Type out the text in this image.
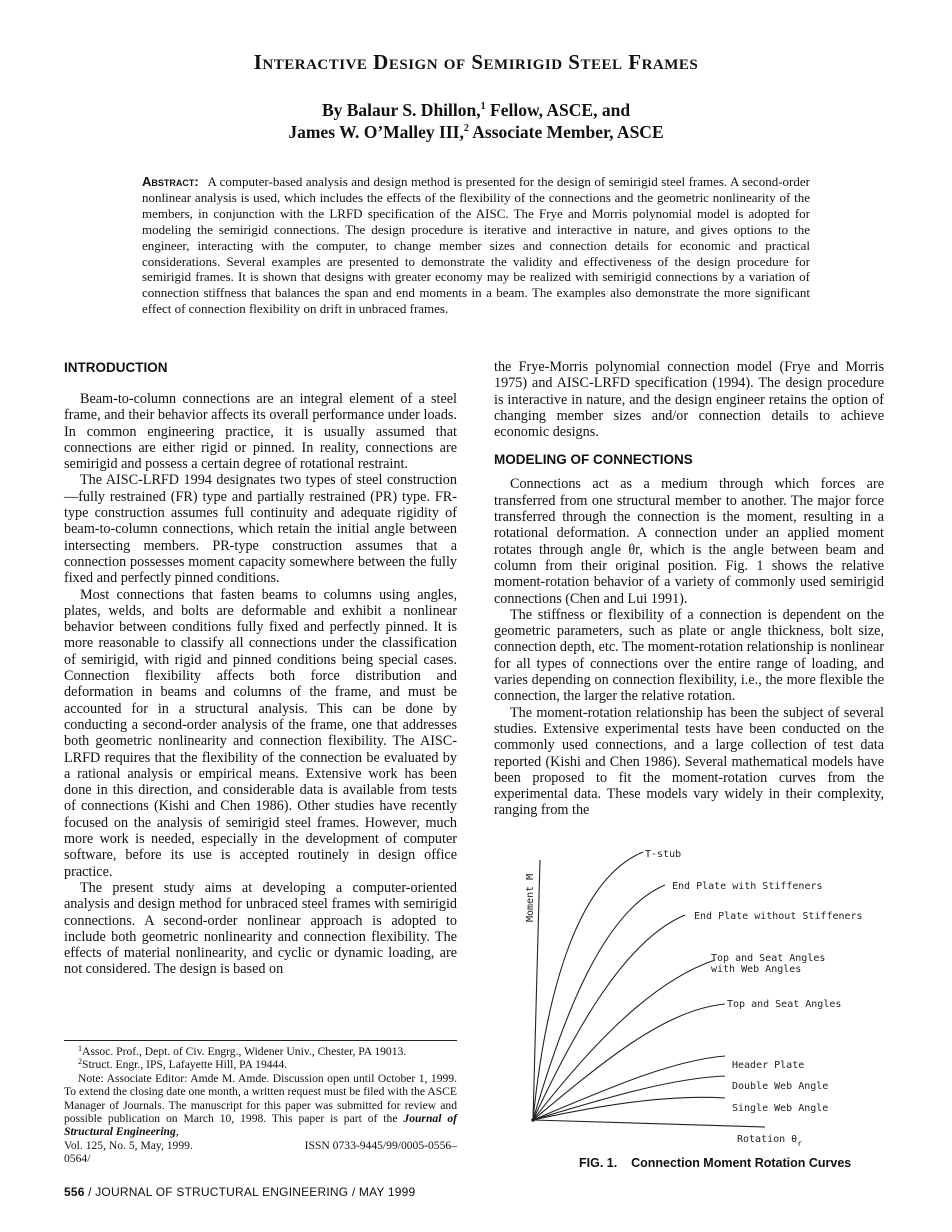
Interactive Design of Semirigid Steel Frames
By Balaur S. Dhillon,$^1$ Fellow, ASCE, and
James W. O’Malley III,$^2$ Associate Member, ASCE
Abstract: A computer-based analysis and design method is presented for the design of semirigid steel frames. A second-order nonlinear analysis is used, which includes the effects of the flexibility of the connections and the geometric nonlinearity of the members, in conjunction with the LRFD specification of the AISC. The Frye and Morris polynomial model is adopted for modeling the semirigid connections. The design procedure is iterative and interactive in nature, and gives options to the engineer, interacting with the computer, to change member sizes and connection details for economic and practical considerations. Several examples are presented to demonstrate the validity and effectiveness of the design procedure for semirigid frames. It is shown that designs with greater economy may be realized with semirigid connections by a variation of connection stiffness that balances the span and end moments in a beam. The examples also demonstrate the more significant effect of connection flexibility on drift in unbraced frames.
INTRODUCTION

Beam-to-column connections are an integral element of a steel frame, and their behavior affects its overall performance under loads. In common engineering practice, it is usually assumed that connections are either rigid or pinned. In reality, connections are semirigid and possess a certain degree of rotational restraint.

The AISC-LRFD 1994 designates two types of steel construction—fully restrained (FR) type and partially restrained (PR) type. FR-type construction assumes full continuity and adequate rigidity of beam-to-column connections, which retain the initial angle between intersecting members. PR-type construction assumes that a connection possesses moment capacity somewhere between the fully fixed and perfectly pinned conditions.

Most connections that fasten beams to columns using angles, plates, welds, and bolts are deformable and exhibit a nonlinear behavior between conditions fully fixed and perfectly pinned. It is more reasonable to classify all connections under the classification of semirigid, with rigid and pinned conditions being special cases. Connection flexibility affects both force distribution and deformation in beams and columns of the frame, and must be accounted for in a structural analysis. This can be done by conducting a second-order analysis of the frame, one that addresses both geometric nonlinearity and connection flexibility. The AISC-LRFD requires that the flexibility of the connection be evaluated by a rational analysis or empirical means. Extensive work has been done in this direction, and considerable data is available from tests of connections (Kishi and Chen 1986). Other studies have recently focused on the analysis of semirigid steel frames. However, much more work is needed, especially in the development of computer software, before its use is accepted routinely in design office practice.

The present study aims at developing a computer-oriented analysis and design method for unbraced steel frames with semirigid connections. A second-order nonlinear approach is adopted to include both geometric nonlinearity and connection flexibility. The effects of material nonlinearity, and cyclic or dynamic loading, are not considered. The design is based on

$^1$Assoc. Prof., Dept. of Civ. Engrg., Widener Univ., Chester, PA 19013.

$^2$Struct. Engr., IPS, Lafayette Hill, PA 19444.

Note: Associate Editor: Amde M. Amde. Discussion open until October 1, 1999. To extend the closing date one month, a written request must be filed with the ASCE Manager of Journals. The manuscript for this paper was submitted for review and possible publication on March 10, 1998. This paper is part of the Journal of Structural Engineering,

Vol. 125, No. 5, May, 1999.	ISSN 0733-9445/99/0005-0556–

0564/

556 / JOURNAL OF STRUCTURAL ENGINEERING / MAY 1999

the Frye-Morris polynomial connection model (Frye and Morris 1975) and AISC-LRFD specification (1994). The design procedure is interactive in nature, and the design engineer retains the option of changing member sizes and/or connection details to achieve economic designs.

MODELING OF CONNECTIONS

Connections act as a medium through which forces are transferred from one structural member to another. The major force transferred through the connection is the moment, resulting in a rotational deformation. A connection under an applied moment rotates through angle θr, which is the angle between beam and column from their original position. Fig. 1 shows the relative moment-rotation behavior of a variety of commonly used semirigid connections (Chen and Lui 1991).

The stiffness or flexibility of a connection is dependent on the geometric parameters, such as plate or angle thickness, bolt size, connection depth, etc. The moment-rotation relationship is nonlinear for all types of connections over the entire range of loading, and varies depending on connection flexibility, i.e., the more flexible the connection, the larger the relative rotation.

The moment-rotation relationship has been the subject of several studies. Extensive experimental tests have been conducted on the commonly used connections, and a large collection of test data reported (Kishi and Chen 1986). Several mathematical models have been proposed to fit the moment-rotation curves from the experimental data. These models vary widely in their complexity, ranging from the

Moment M
T-stub
End Plate with Stiffeners
End Plate without Stiffeners
Top and Seat Angles
with Web Angles
Top and Seat Angles
Header Plate
Double Web Angle
Single Web Angle
Rotation $\theta_r$
FIG. 1.    Connection Moment Rotation Curves
